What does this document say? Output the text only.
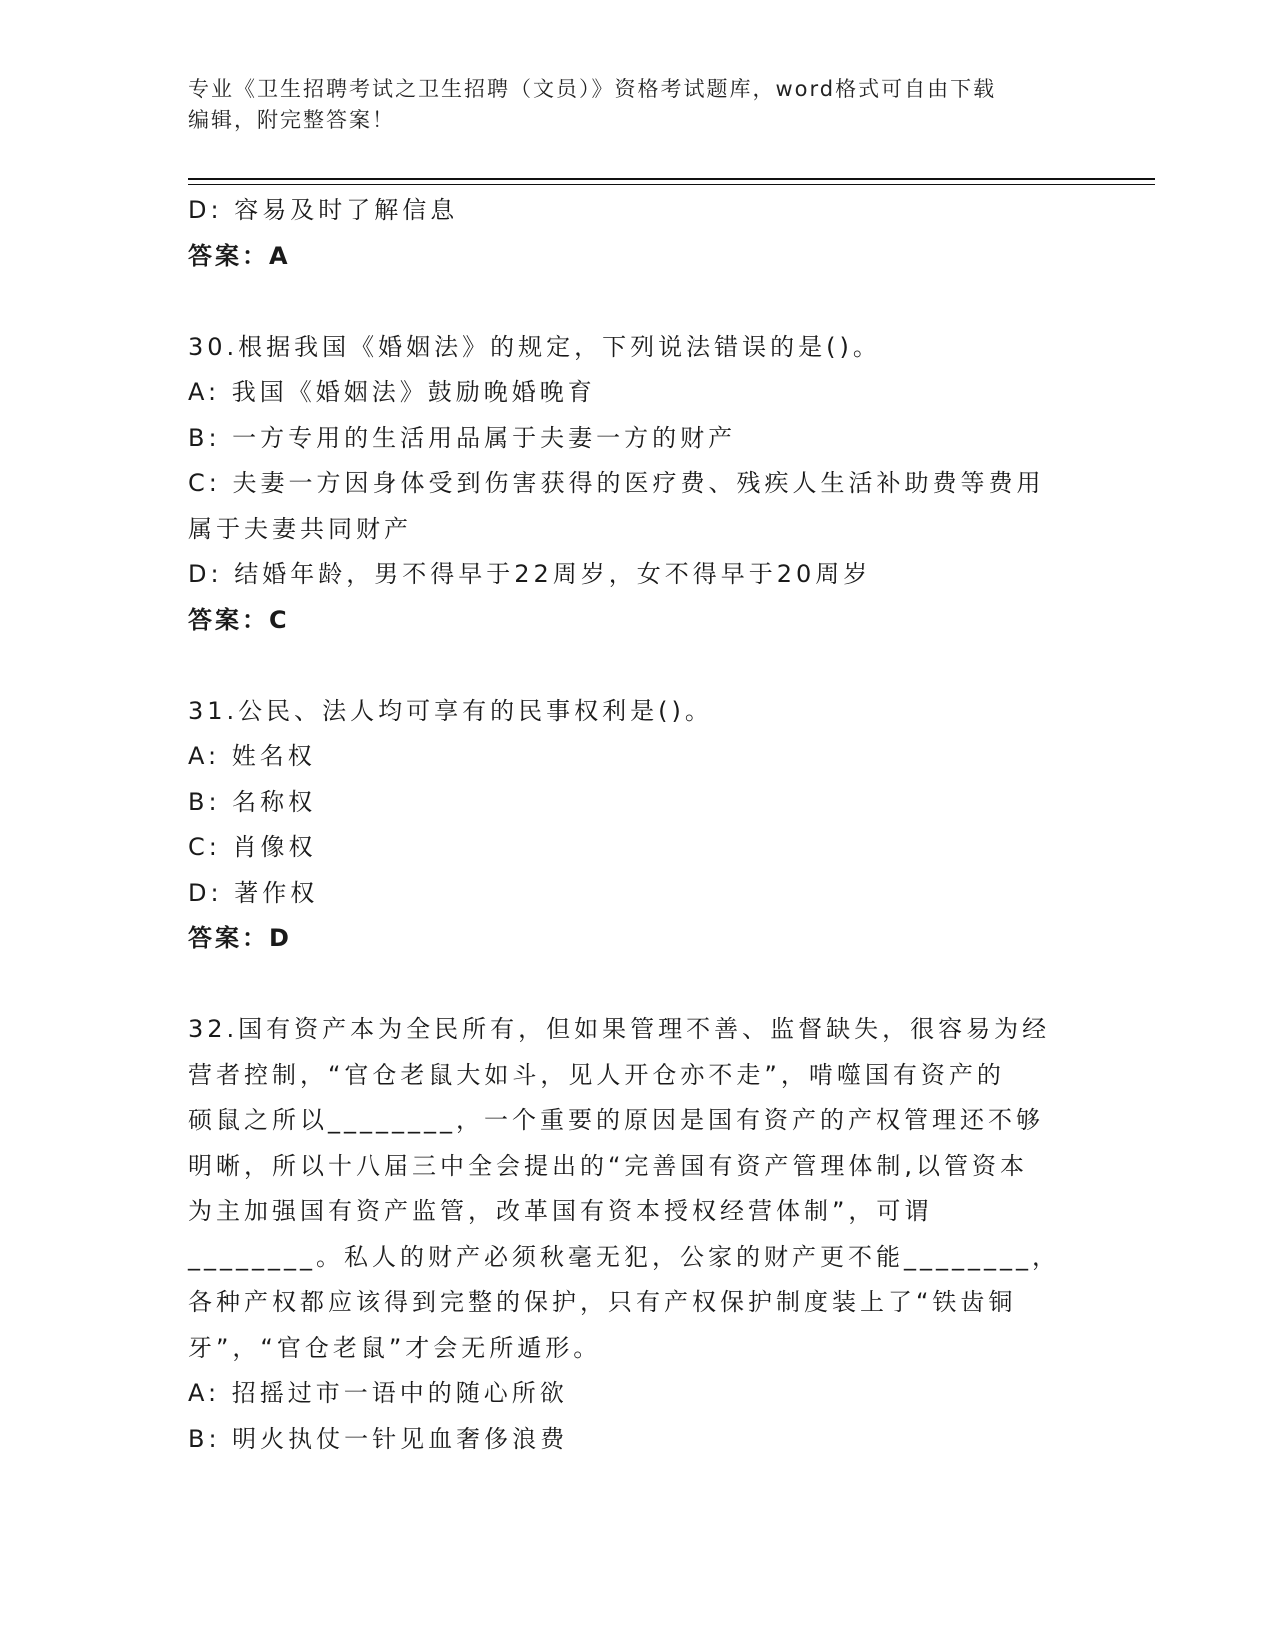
专业《卫生招聘考试之卫生招聘（文员）》资格考试题库，word格式可自由下载
编辑，附完整答案！
D: 容易及时了解信息
答案：A
30.根据我国《婚姻法》的规定，下列说法错误的是()。
A: 我国《婚姻法》鼓励晚婚晚育
B: 一方专用的生活用品属于夫妻一方的财产
C: 夫妻一方因身体受到伤害获得的医疗费、残疾人生活补助费等费用
属于夫妻共同财产
D: 结婚年龄，男不得早于22周岁，女不得早于20周岁
答案：C
31.公民、法人均可享有的民事权利是()。
A: 姓名权
B: 名称权
C: 肖像权
D: 著作权
答案：D
32.国有资产本为全民所有，但如果管理不善、监督缺失，很容易为经
营者控制，“官仓老鼠大如斗，见人开仓亦不走”，啃噬国有资产的
硕鼠之所以________，一个重要的原因是国有资产的产权管理还不够
明晰，所以十八届三中全会提出的“完善国有资产管理体制,以管资本
为主加强国有资产监管，改革国有资本授权经营体制”，可谓
________。私人的财产必须秋毫无犯，公家的财产更不能________，
各种产权都应该得到完整的保护，只有产权保护制度装上了“铁齿铜
牙”，“官仓老鼠”才会无所遁形。
A: 招摇过市一语中的随心所欲
B: 明火执仗一针见血奢侈浪费
